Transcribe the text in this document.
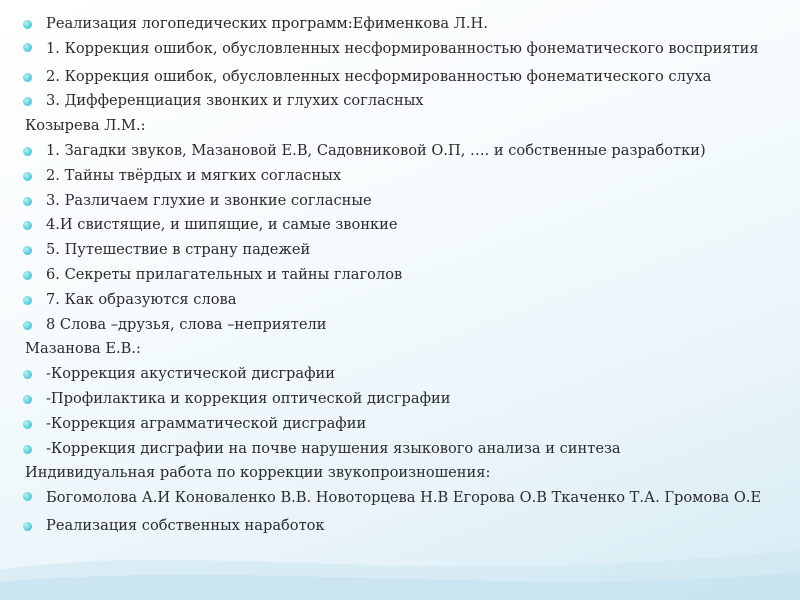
Реализация логопедических программ:Ефименкова Л.Н.
1. Коррекция ошибок, обусловленных несформированностью фонематического восприятия
2. Коррекция ошибок, обусловленных несформированностью фонематического слуха
3. Дифференциация звонких и глухих согласных
Козырева Л.М.:
1. Загадки звуков, Мазановой Е.В, Садовниковой О.П, …. и собственные разработки)
2. Тайны твёрдых и мягких согласных
3. Различаем глухие и звонкие согласные
4.И свистящие, и шипящие, и самые звонкие
5. Путешествие в страну падежей
6. Секреты прилагательных и тайны глаголов
7. Как образуются слова
8 Слова –друзья, слова –неприятели
Мазанова Е.В.:
-Коррекция акустической дисграфии
-Профилактика и коррекция оптической дисграфии
-Коррекция аграмматической дисграфии
-Коррекция дисграфии на почве нарушения языкового анализа и синтеза
Индивидуальная работа по коррекции звукопроизношения:
Богомолова А.И Коноваленко В.В. Новоторцева Н.В Егорова О.В Ткаченко Т.А. Громова О.Е
Реализация собственных наработок
